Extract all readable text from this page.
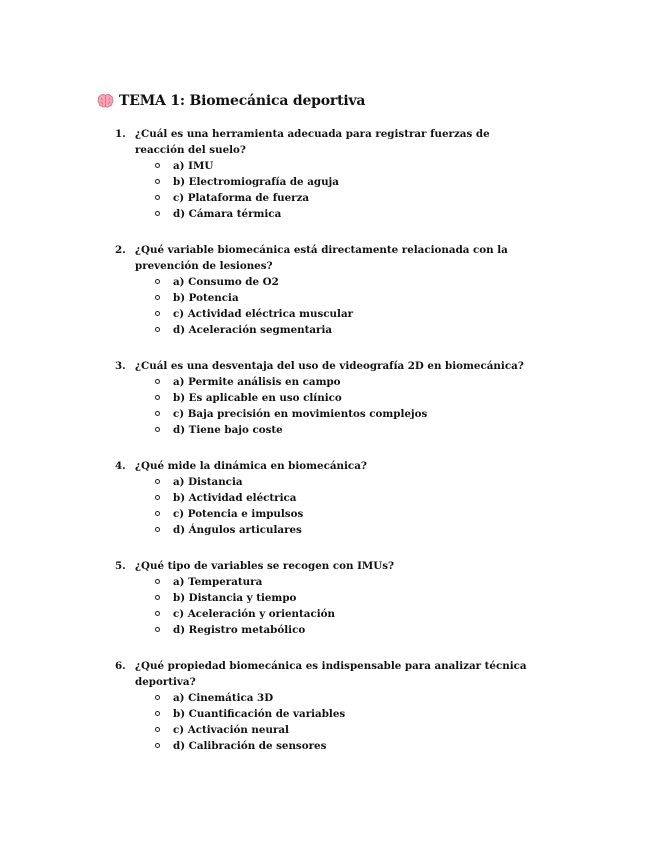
TEMA 1: Biomecánica deportiva
1. ¿Cuál es una herramienta adecuada para registrar fuerzas de reacción del suelo?
a) IMU
b) Electromiografía de aguja
c) Plataforma de fuerza
d) Cámara térmica
2. ¿Qué variable biomecánica está directamente relacionada con la prevención de lesiones?
a) Consumo de O2
b) Potencia
c) Actividad eléctrica muscular
d) Aceleración segmentaria
3. ¿Cuál es una desventaja del uso de videografía 2D en biomecánica?
a) Permite análisis en campo
b) Es aplicable en uso clínico
c) Baja precisión en movimientos complejos
d) Tiene bajo coste
4. ¿Qué mide la dinámica en biomecánica?
a) Distancia
b) Actividad eléctrica
c) Potencia e impulsos
d) Ángulos articulares
5. ¿Qué tipo de variables se recogen con IMUs?
a) Temperatura
b) Distancia y tiempo
c) Aceleración y orientación
d) Registro metabólico
6. ¿Qué propiedad biomecánica es indispensable para analizar técnica deportiva?
a) Cinemática 3D
b) Cuantificación de variables
c) Activación neural
d) Calibración de sensores
